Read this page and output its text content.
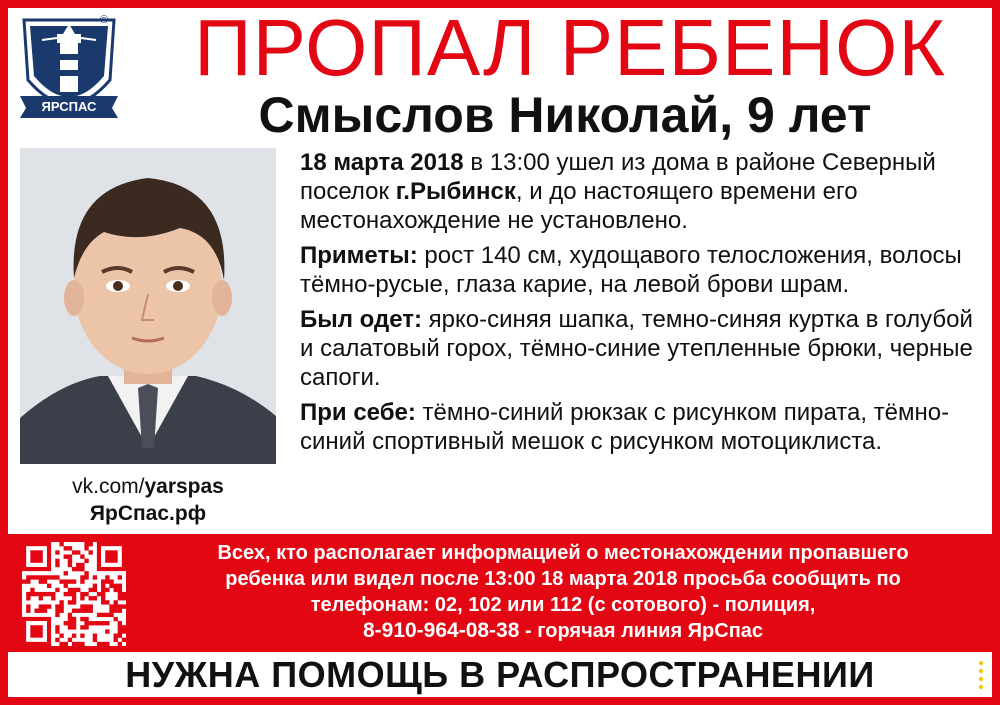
ЯРСПАС
©	ПРОПАЛ РЕБЕНОК
Смыслов Николай, 9 лет
vk.com/yarspas
ЯрСпас.рф

18 марта 2018 в 13:00 ушел из дома в районе Северный поселок г.Рыбинск, и до настоящего времени его местонахождение не установлено.

Приметы: рост 140 см, худощавого телосложения, волосы тёмно-русые, глаза карие, на левой брови шрам.

Был одет: ярко-синяя шапка, темно-синяя куртка в голубой и салатовый горох, тёмно-синие утепленные брюки, черные сапоги.

При себе: тёмно-синий рюкзак с рисунком пирата, тёмно-синий спортивный мешок с рисунком мотоциклиста.

Всех, кто располагает информацией о местонахождении пропавшего
ребенка или видел после 13:00 18 марта 2018 просьба сообщить по
телефонам: 02, 102 или 112 (с сотового) - полиция,
8-910-964-08-38 - горячая линия ЯрСпас
НУЖНА ПОМОЩЬ В РАСПРОСТРАНЕНИИ
